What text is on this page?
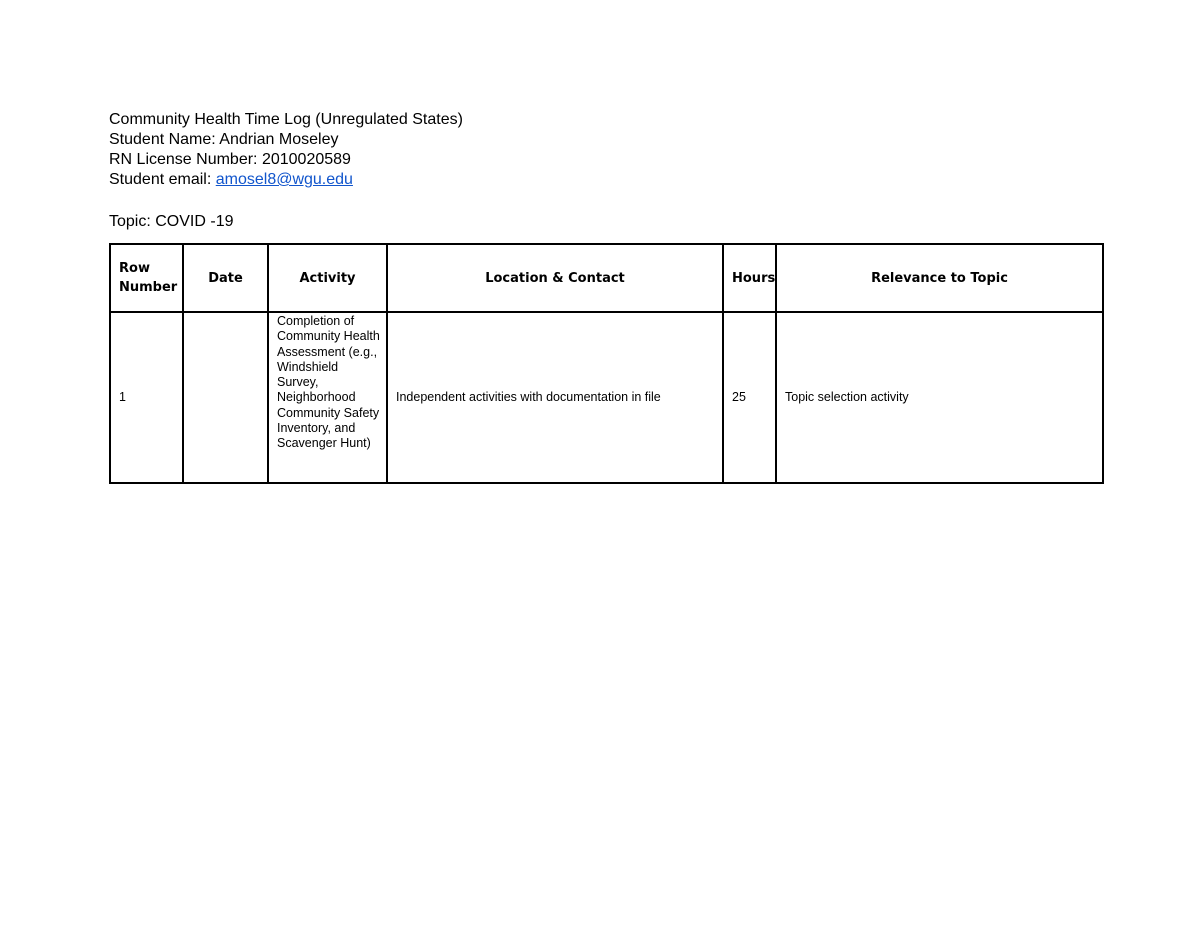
Community Health Time Log (Unregulated States)
Student Name: Andrian Moseley
RN License Number: 2010020589
Student email: amosel8@wgu.edu
Topic: COVID -19
Row Number	Date	Activity	Location & Contact	Hours	Relevance to Topic
1		Completion of Community Health Assessment (e.g., Windshield Survey, Neighborhood Community Safety Inventory, and Scavenger Hunt)	Independent activities with documentation in file	25	Topic selection activity
